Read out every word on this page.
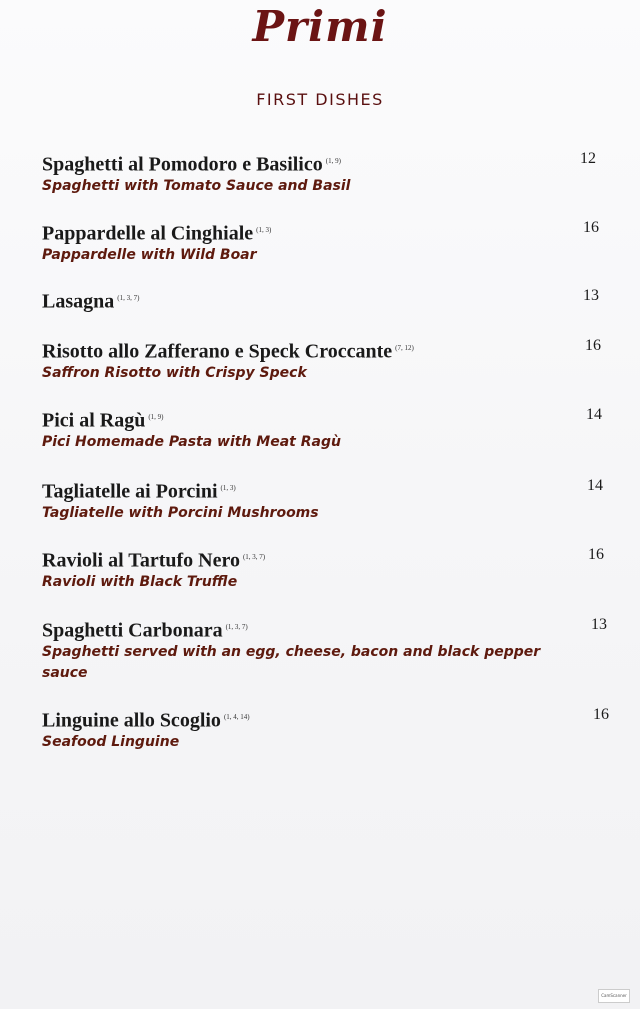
Primi
FIRST DISHES
Spaghetti al Pomodoro e Basilico $^{(1, 9)}$
Spaghetti with Tomato Sauce and Basil
12
Pappardelle al Cinghiale $^{(1, 3)}$
Pappardelle with Wild Boar
16
Lasagna $^{(1, 3, 7)}$	13
Risotto allo Zafferano e Speck Croccante $^{(7, 12)}$
Saffron Risotto with Crispy Speck
16
Pici al Ragù $^{(1, 9)}$
Pici Homemade Pasta with Meat Ragù
14
Tagliatelle ai Porcini $^{(1, 3)}$
Tagliatelle with Porcini Mushrooms
14
Ravioli al Tartufo Nero $^{(1, 3, 7)}$
Ravioli with Black Truffle
16
Spaghetti Carbonara $^{(1, 3, 7)}$
Spaghetti served with an egg, cheese, bacon and black pepper sauce
13
Linguine allo Scoglio $^{(1, 4, 14)}$
Seafood Linguine
16
CamScanner
